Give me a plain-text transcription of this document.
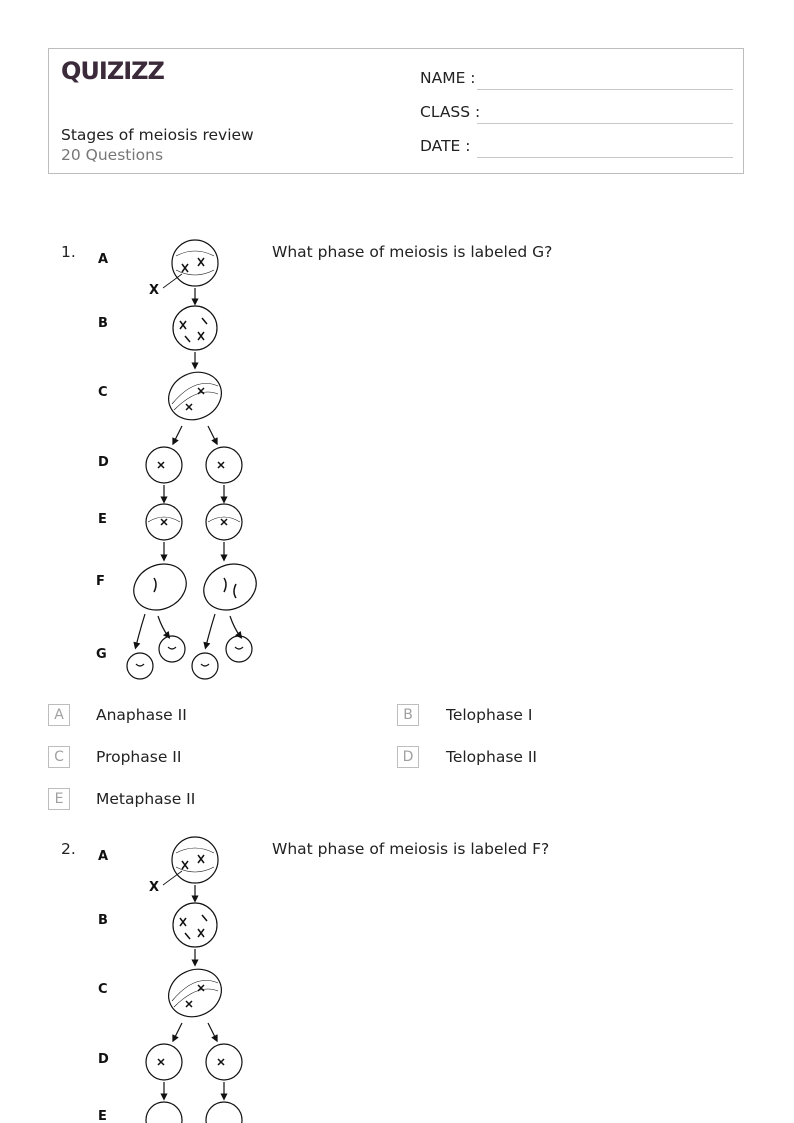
QUIZIZZ
Stages of meiosis review
20 Questions
NAME :
CLASS :
DATE :
1.	What phase of meiosis is labeled G?
A
B
C
D
E
F
G
X
A	Anaphase II	B	Telophase I
C	Prophase II	D	Telophase II
E	Metaphase II
2.	What phase of meiosis is labeled F?
A
B
C
D
E
X
